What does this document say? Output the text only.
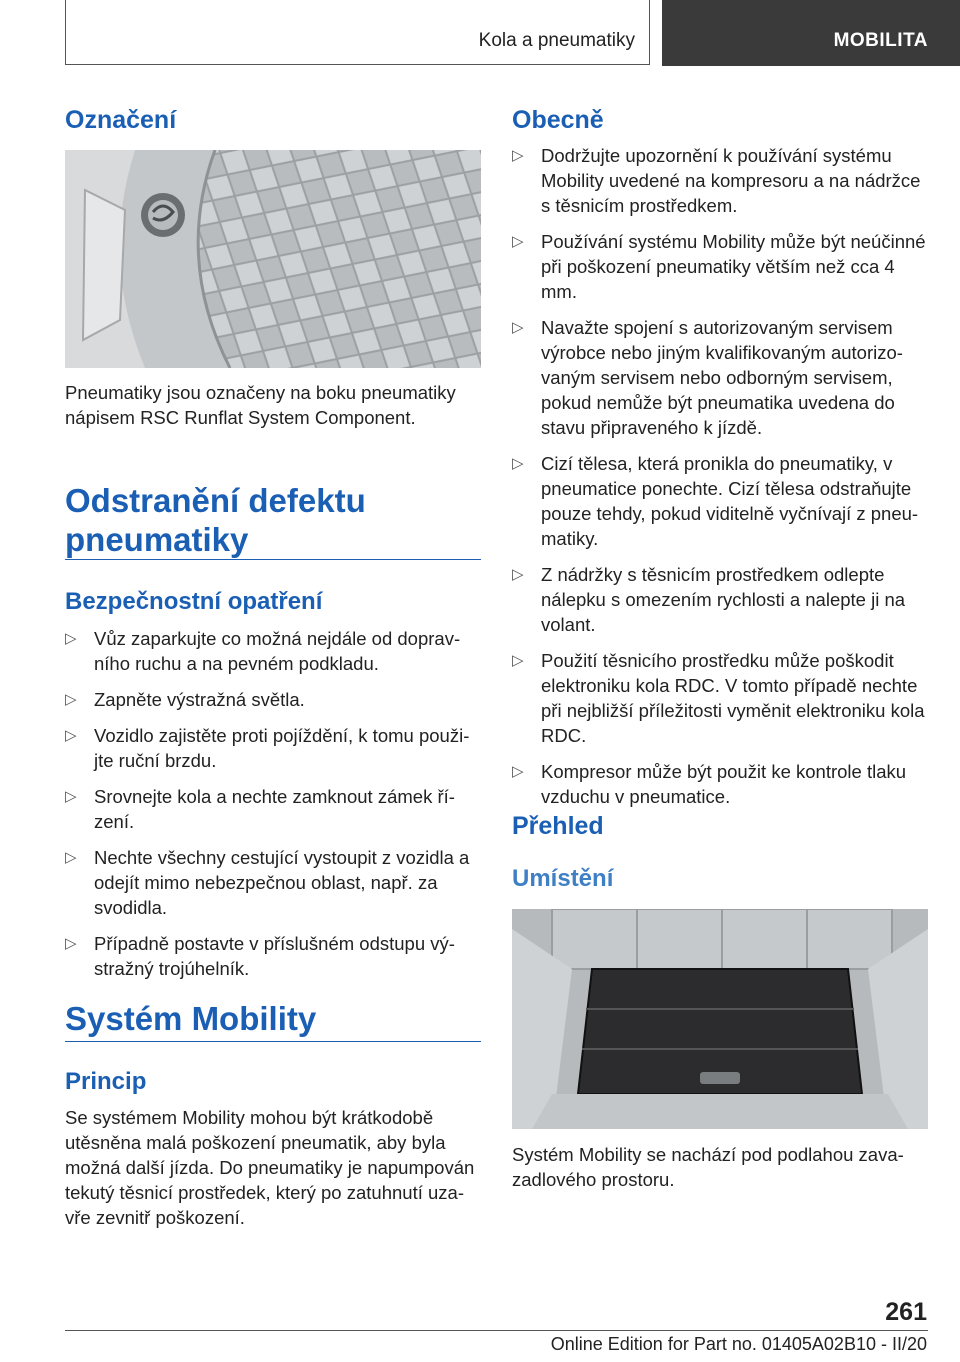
Kola a pneumatiky	MOBILITA
Označení

Pneumatiky jsou označeny na boku pneumatiky nápisem RSC Runflat System Component.

Odstranění defektu
pneumatiky
Bezpečnostní opatření
▷ Vůz zaparkujte co možná nejdále od dopravního ruchu a na pevném podkladu.
▷ Zapněte výstražná světla.
▷ Vozidlo zajistěte proti pojíždění, k tomu použijte ruční brzdu.
▷ Srovnejte kola a nechte zamknout zámek řízení.
▷ Nechte všechny cestující vystoupit z vozidla a odejít mimo nebezpečnou oblast, např. za svodidla.
▷ Případně postavte v příslušném odstupu výstražný trojúhelník.
Systém Mobility
Princip

Se systémem Mobility mohou být krátkodobě utěsněna malá poškození pneumatik, aby byla možná další jízda. Do pneumatiky je napumpován tekutý těsnicí prostředek, který po zatuhnutí uzavře zevnitř poškození.

Obecně
▷ Dodržujte upozornění k používání systému Mobility uvedené na kompresoru a na nádržce s těsnicím prostředkem.
▷ Používání systému Mobility může být neúčinné při poškození pneumatiky větším než cca 4 mm.
▷ Navažte spojení s autorizovaným servisem výrobce nebo jiným kvalifikovaným autorizovaným servisem nebo odborným servisem, pokud nemůže být pneumatika uvedena do stavu připraveného k jízdě.
▷ Cizí tělesa, která pronikla do pneumatiky, v pneumatice ponechte. Cizí tělesa odstraňujte pouze tehdy, pokud viditelně vyčnívají z pneumatiky.
▷ Z nádržky s těsnicím prostředkem odlepte nálepku s omezením rychlosti a nalepte ji na volant.
▷ Použití těsnicího prostředku může poškodit elektroniku kola RDC. V tomto případě nechte při nejbližší příležitosti vyměnit elektroniku kola RDC.
▷ Kompresor může být použit ke kontrole tlaku vzduchu v pneumatice.
Přehled
Umístění

Systém Mobility se nachází pod podlahou zavazadlového prostoru.

261
Online Edition for Part no. 01405A02B10 - II/20
